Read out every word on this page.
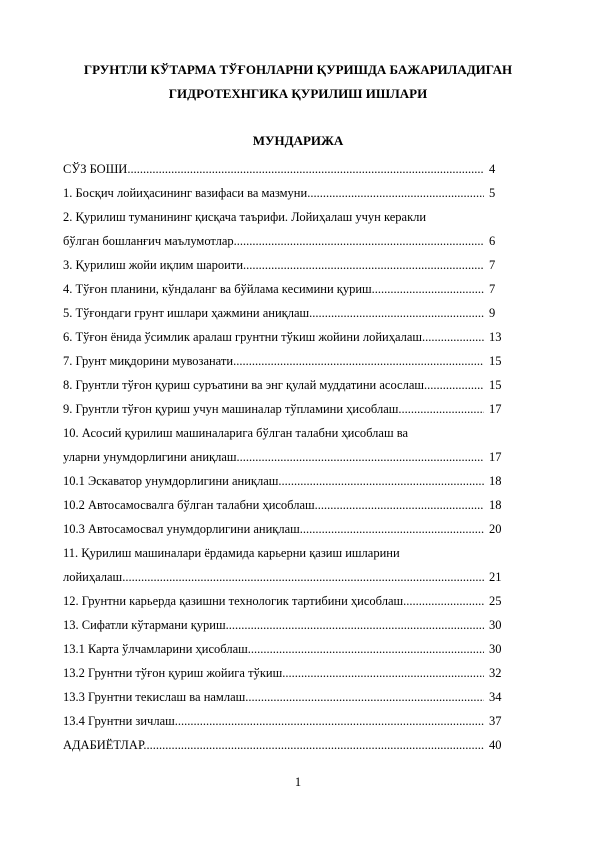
ГРУНТЛИ КЎТАРМА ТЎҒОНЛАРНИ ҚУРИШДА БАЖАРИЛАДИГАН
ГИДРОТЕХНГИКА ҚУРИЛИШ ИШЛАРИ
МУНДАРИЖА
СЎЗ БОШИ .....	4
1. Босқич лойиҳасининг вазифаси ва мазмуни .....	5
2. Қурилиш туманининг қисқача таърифи. Лойиҳалаш учун керакли
бўлган бошланғич маълумотлар .....	6
3. Қурилиш жойи иқлим шароити .....	7
4. Тўғон планини, кўндаланг ва бўйлама кесимини қуриш .....	7
5. Тўғондаги грунт ишлари ҳажмини аниқлаш .....	9
6. Тўғон ёнида ўсимлик аралаш грунтни тўкиш жойини лойиҳалаш .....	13
7. Грунт миқдорини мувозанати .....	15
8. Грунтли тўғон қуриш суръатини ва энг қулай муддатини асослаш .....	15
9. Грунтли тўғон қуриш учун машиналар тўпламини ҳисоблаш .....	17
10. Асосий қурилиш машиналарига бўлган талабни ҳисоблаш ва
уларни унумдорлигини аниқлаш .....	17
10.1 Эскаватор унумдорлигини аниқлаш .....	18
10.2 Автосамосвалга бўлган талабни ҳисоблаш .....	18
10.3 Автосамосвал унумдорлигини аниқлаш .....	20
11. Қурилиш машиналари ёрдамида карьерни қазиш ишларини
лойиҳалаш .....	21
12. Грунтни карьерда қазишни технологик тартибини ҳисоблаш .....	25
13. Сифатли кўтармани қуриш .....	30
13.1 Карта ўлчамларини ҳисоблаш .....	30
13.2 Грунтни тўғон қуриш жойига тўкиш .....	32
13.3 Грунтни текислаш ва намлаш .....	34
13.4 Грунтни зичлаш .....	37
АДАБИЁТЛАР .....	40
1
